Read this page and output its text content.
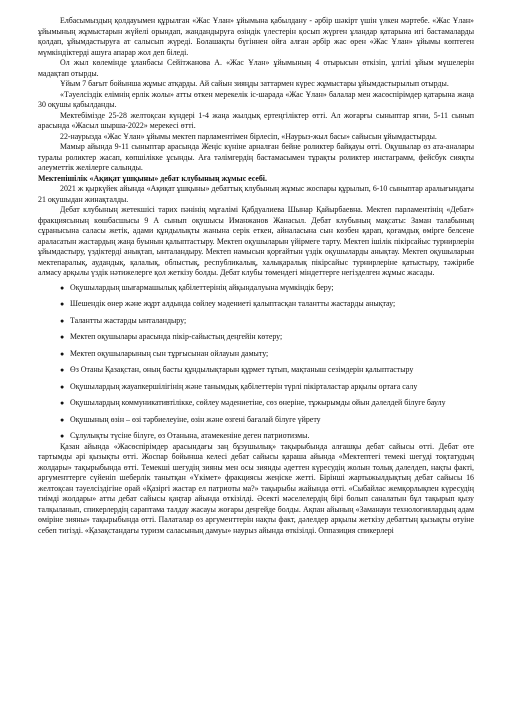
Елбасымыздың қолдауымен құрылған «Жас Ұлан» ұйымына қабылдану - әрбір шәкірт үшін үлкен мәртебе. «Жас Ұлан» ұйымының жұмыстарын жүйелі орындап, жандандыруға өзіндік үлестерін қосып жүрген ұландар қатарына игі бастамаларды қолдап, ұйымдастыруға ат салысып жүреді. Болашақты бүгіннен ойға алған әрбір жас өрен «Жас Ұлан» ұйымы көптеген мүмкіндіктерді ашуға апарар жол деп біледі.

Ол жыл көлемінде ұланбасы Сейітжанова А. «Жас Ұлан» ұйымының 4 отырысын өткізіп, ұлгілі ұйым мүшелерін мадақтап отырды.

Ұйым 7 бағыт бойынша жұмыс атқарды. Ай сайын зияңды заттармен күрес жұмыстары ұйымдастырылып отырды.

«Тәуелсіздік елімнің ерлік жолы» атты өткен мерекелік іс-шарада «Жас Ұлан» балалар мен жасөспірімдер қатарына жаңа 30 оқушы қабылданды.

Мектебімізде 25-28 желтоқсан күндері 1-4 жаңа жылдық ертеңгіліктер өтті. Ал жоғарғы сыныптар ягни, 5-11 сынып арасында «Жасыл шырша-2022» мерекесі өтті.

22-наурызда «Жас Ұлан» ұйымы мектеп парламентімен бірлесіп, «Наурыз-жыл басы» сайысын ұйымдастырды.

Мамыр айында 9-11 сыныптар арасында Жеңіс күніне арналған бейне роликтер байқауы өтті. Оқушылар өз ата-аналары туралы роликтер жасап, көпшілікке ұсынды. Аға тәлімгердің бастамасымен тұрақты роликтер инстаграмм, фейсбук сияқты әлеуметтік желілерге салынды.

Мектепішілік «Ақиқат ұшқыны» дебат клубының жұмыс есебі.

2021 ж қыркүйек айында «Ақиқат ұшқыны» дебаттық клубының жұмыс жоспары құрылып, 6-10 сыныптар аралығындағы 21 оқушыдан жинақталды.

Дебат клубының жетекшісі тарих пәнінің мұғалімі Қабдуалиева Шынар Қайырбаевна. Мектеп парламентінің «Дебат» фракциясының көшбасшысы 9 А сынып оқушысы Иманжанов Жанасыл. Дебат клубының мақсаты: Заман талабының сұранысына саласы жетік, адами құндылықты жанына серік еткен, айналасына сын көзбен қарап, қоғамдық өмірге белсене араласатын жастардың жаңа буынын қалыптастыру. Мектеп оқушыларын үйірмеге тарту. Мектеп ішілік пікірсайыс турнирлерін ұйымдастыру, үздіктерді анықтап, ынталандыру. Мектеп намысын қорғайтын үздік оқушыларды анықтау. Мектеп оқушыларын мектепаралық, аудандық, қалалық, облыстық, республикалық, халықаралық пікірсайыс турнирлеріне қатыстыру, тәжірибе алмасу арқылы үздік нәтижелерге қол жеткізу болды. Дебат клубы төмендегі міндеттерге негізделген жұмыс жасады.

● Оқушылардың шығармашылық қабілеттерінің айқындалуына мүмкіндік беру;
● Шешендік өнер және жұрт алдында сөйлеу мәдениеті қалыптасқан талантты жастарды анықтау;
● Талантты жастарды ынталандыру;
● Мектеп оқушылары арасында пікір-сайыстың деңгейін көтеру;
● Мектеп оқушыларының сын тұрғысынан ойлауын дамыту;
● Өз Отаны Қазақстан, оның басты құндылықтарын құрмет тұтып, мақтаныш сезімдерін қалыптастыру
● Оқушылардың жауапкершілігінің және танымдық қабілеттерін түрлі пікірталастар арқылы ортаға салу
● Оқушылардың коммуникативтілікке, сөйлеу мәдениетіне, сөз өнеріне, тұжырымды ойын дәлелдей білуге баулу
● Оқушының өзін – өзі тәрбиелеуіне, өзін және өзгені бағалай білуге үйрету
● Сұлулықты түсіне білуге, өз Отанына, атамекеніне деген патриотизмы.

Қазан айында «Жасөспірімдер арасындағы заң бұзушылық» тақырыбында алғашқы дебат сайысы өтті. Дебат өте тартымды әрі қызықты өтті. Жоспар бойынша келесі дебат сайысы қараша айында «Мектептегі темекі шегуді тоқтатудың жолдары» тақырыбында өтті. Темекші шегудің зияны мен осы зиянды әдеттен күресудің жолын толық дәлелдеп, нақты факті, аргументтерге сүйеніп шеберлік танытқан «Үкімет» фракциясы жеңіске жетті. Бірінші жартыжылдықтың дебат сайысы 16 желтоқсан тәуелсіздігіне орай «Қазіргі жастар ел патриоты ма?» тақырыбы жайында өтті. «Сыбайлас жемқорлықпен күресудің тиімді жолдары» атты дебат сайысы қаңтар айында өткізілді. Әсекті мәселелердің бірі болып саналатын бұл тақырып қызу талқыланып, спикерлердің сараптама талдау жасауы жоғары деңгейде болды. Ақпан айының «Заманауи технологиялардың адам өміріне зияны» тақырыбында өтті. Палаталар өз аргументтерін нақты факт, дәлелдер арқылы жеткізу дебаттың қызықты өтуіне себеп тигізді. «Қазақстандағы туризм саласының дамуы» наурыз айында өткізілді. Оппазиция спикерлері
